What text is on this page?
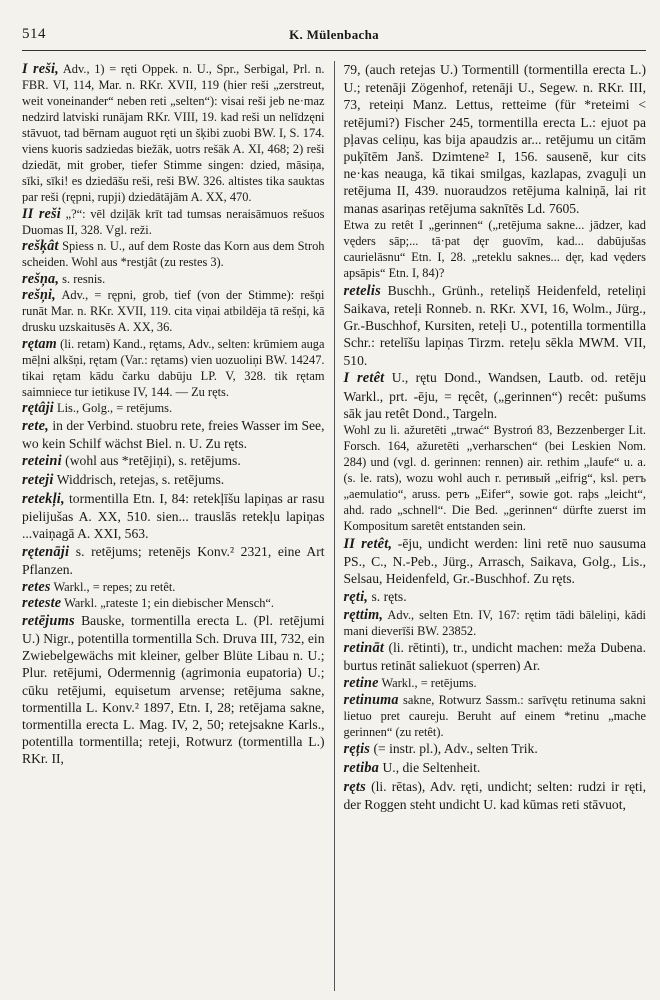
514	K. Mülenbacha

I reši, Adv., 1) = ręti Oppek. n. U., Spr., Serbigal, Prl. n. FBR. VI, 114, Mar. n. RKr. XVII, 119 (hier reši „zerstreut, weit voneinander“ neben reti „selten“): visai reši jeb ne·maz nedzird latviski runājam RKr. VIII, 19. kad reši un nelīdzęni stāvuot, tad bērnam auguot ręti un šķibi zuobi BW. I, S. 174. viens kuoris sadziedas biežāk, uotrs rešāk A. XI, 468; 2) reši dziedāt, mit grober, tiefer Stimme singen: dzied, māsiņa, sīki, sīki! es dziedāšu reši, reši BW. 326. altistes tika sauktas par reši (rępni, rupji) dziedātājām A. XX, 470.

II reši „?“: vēl dziļāk krīt tad tumsas neraisāmuos rešuos Duomas II, 328. Vgl. reži.

rešķât Spiess n. U., auf dem Roste das Korn aus dem Stroh scheiden. Wohl aus *restjât (zu restes 3).

rešņa, s. resnis.

rešņi, Adv., = rępni, grob, tief (von der Stimme): rešņi runāt Mar. n. RKr. XVII, 119. cita viņai atbildēja tā rešņi, kā drusku uzskaitusēs A. XX, 36.

rętam (li. retam) Kand., rętams, Adv., selten: krūmiem auga mēļni alkšņi, rętam (Var.: rętams) vien uozuoliņi BW. 14247. tikai rętam kādu čarku dabūju LP. V, 328. tik rętam saimniece tur ietikuse IV, 144. — Zu ręts.

rętâji Lis., Golg., = retējums.

rete, in der Verbind. stuobru rete, freies Wasser im See, wo kein Schilf wächst Biel. n. U. Zu ręts.

reteini (wohl aus *retējiņi), s. retējums.

reteji Widdrisch, retejas, s. retējums.

retekļi, tormentilla Etn. I, 84: retekļīšu lapiņas ar rasu pielijušas A. XX, 510. sien... trauslās retekļu lapiņas ...vaiņagā A. XXI, 563.

rętenāji s. retējums; retenējs Konv.² 2321, eine Art Pflanzen.

retes Warkl., = repes; zu retêt.

reteste Warkl. „rateste 1; ein diebischer Mensch“.

retējums Bauske, tormentilla erecta L. (Pl. retējumi U.) Nigr., potentilla tormentilla Sch. Druva III, 732, ein Zwiebelgewächs mit kleiner, gelber Blüte Libau n. U.; Plur. retējumi, Odermennig (agrimonia eupatoria) U.; cūku retējumi, equisetum arvense; retējuma sakne, tormentilla L. Konv.² 1897, Etn. I, 28; retējama sakne, tormentilla erecta L. Mag. IV, 2, 50; retejsakne Karls., potentilla tormentilla; reteji, Rotwurz (tormentilla L.) RKr. II,

79, (auch retejas U.) Tormentill (tormentilla erecta L.) U.; retenāji Zögenhof, retenāji U., Segew. n. RKr. III, 73, reteiņi Manz. Lettus, retteime (für *reteimi < retējumi?) Fischer 245, tormentilla erecta L.: ejuot pa pļavas celiņu, kas bija apaudzis ar... retējumu un citām puķītēm Janš. Dzimtene² I, 156. sausenē, kur cits ne·kas neauga, kā tikai smilgas, kazlapas, zvaguļi un retējuma II, 439. nuoraudzos retējuma kalniņā, lai rit manas asariņas retējuma saknītēs Ld. 7605.

Etwa zu retêt I „gerinnen“ („retējuma sakne... jādzer, kad vęders sāp;... tā·pat dęr guovīm, kad... dabūjušas caurielāsnu“ Etn. I, 28. „reteklu saknes... dęr, kad vęders apsāpis“ Etn. I, 84)?

retelis Buschh., Grünh., reteliņš Heidenfeld, reteliņi Saikava, reteļi Ronneb. n. RKr. XVI, 16, Wolm., Jürg., Gr.-Buschhof, Kursiten, reteļi U., potentilla tormentilla Schr.: retelīšu lapiņas Tirzm. reteļu sēkla MWM. VII, 510.

I retêt U., rętu Dond., Wandsen, Lautb. od. retēju Warkl., prt. -ēju, = ręcêt, („gerinnen“) recêt: pušums sāk jau retêt Dond., Targeln.

Wohl zu li. ažuretēti „trwać“ Bystroń 83, Bezzenberger Lit. Forsch. 164, ažuretēti „verharschen“ (bei Leskien Nom. 284) und (vgl. d. gerinnen: rennen) air. rethim „laufe“ u. a. (s. le. rats), wozu wohl auch r. ретивый „eifrig“, ksl. ретъ „aemulatio“, aruss. ретъ „Eifer“, sowie got. raþs „leicht“, ahd. rado „schnell“. Die Bed. „gerinnen“ dürfte zuerst im Kompositum saretêt entstanden sein.

II retêt, -ēju, undicht werden: lini retē nuo sausuma PS., C., N.-Peb., Jürg., Arrasch, Saikava, Golg., Lis., Selsau, Heidenfeld, Gr.-Buschhof. Zu ręts.

ręti, s. ręts.

ręttim, Adv., selten Etn. IV, 167: rętim tādi bāleliņi, kādi mani dieverīši BW. 23852.

retināt (li. rētinti), tr., undicht machen: meža Dubena. burtus retināt saliekuot (sperren) Ar.

retine Warkl., = retējums.

retinuma sakne, Rotwurz Sassm.: sarīvętu retinuma sakni lietuo pret caureju. Beruht auf einem *retinu „mache gerinnen“ (zu retêt).

ręțis (= instr. pl.), Adv., selten Trik.

retiba U., die Seltenheit.

ręts (li. rētas), Adv. ręti, undicht; selten: rudzi ir ręti, der Roggen steht undicht U. kad kūmas reti stāvuot,
